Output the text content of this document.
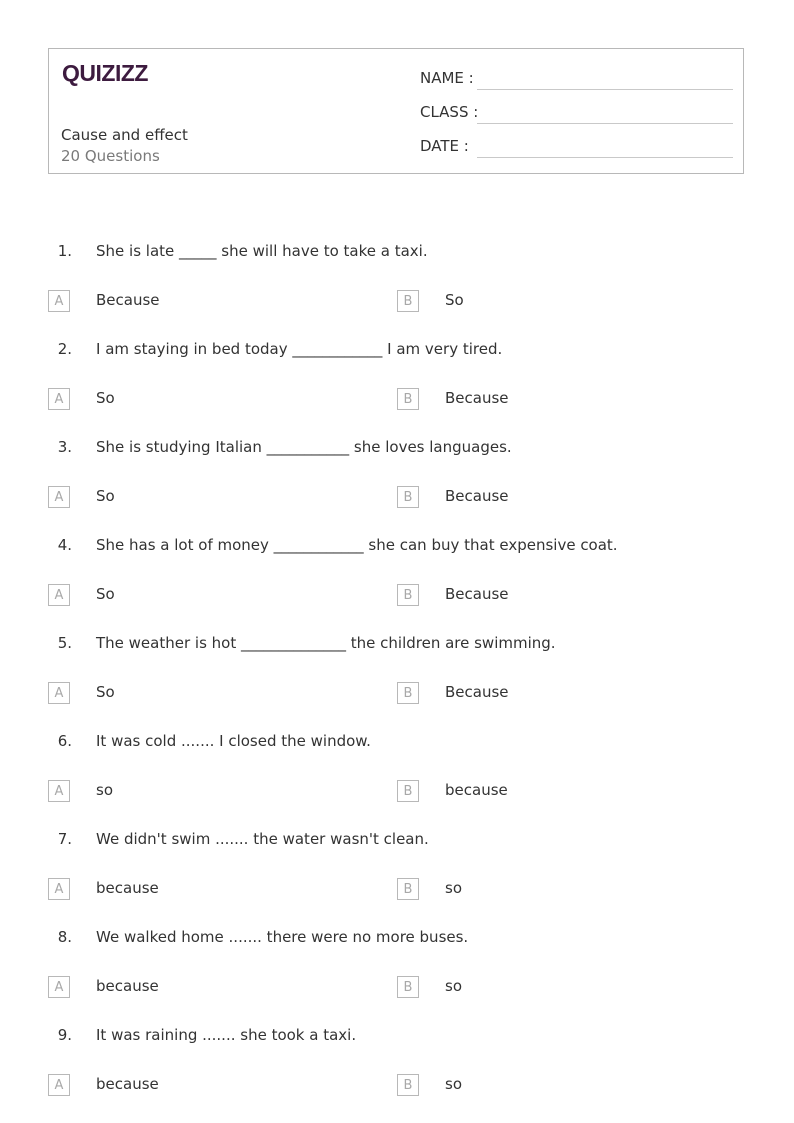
QUIZIZZ
Cause and effect
20 Questions
NAME :
CLASS :
DATE :
1. She is late _____ she will have to take a taxi.
A	Because	B	So
2. I am staying in bed today ____________ I am very tired.
A	So	B	Because
3. She is studying Italian ___________ she loves languages.
A	So	B	Because
4. She has a lot of money ____________ she can buy that expensive coat.
A	So	B	Because
5. The weather is hot ______________ the children are swimming.
A	So	B	Because
6. It was cold ....... I closed the window.
A	so	B	because
7. We didn't swim ....... the water wasn't clean.
A	because	B	so
8. We walked home ....... there were no more buses.
A	because	B	so
9. It was raining ....... she took a taxi.
A	because	B	so
